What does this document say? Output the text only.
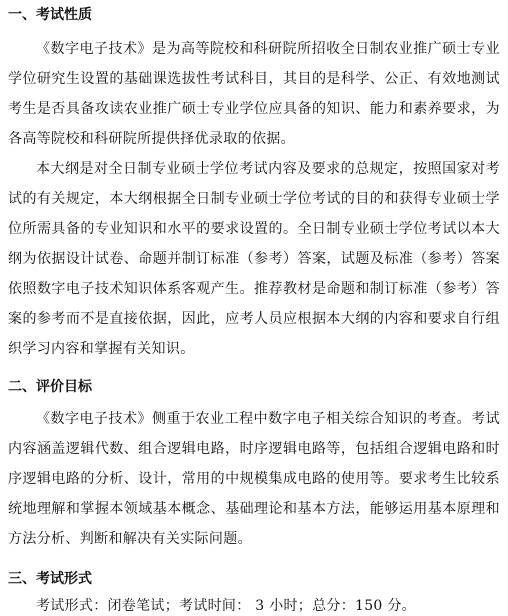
一、考试性质

《数字电子技术》是为高等院校和科研院所招收全日制农业推广硕士专业学位研究生设置的基础课选拔性考试科目，其目的是科学、公正、有效地测试考生是否具备攻读农业推广硕士专业学位应具备的知识、能力和素养要求，为各高等院校和科研院所提供择优录取的依据。

本大纲是对全日制专业硕士学位考试内容及要求的总规定，按照国家对考试的有关规定，本大纲根据全日制专业硕士学位考试的目的和获得专业硕士学位所需具备的专业知识和水平的要求设置的。全日制专业硕士学位考试以本大纲为依据设计试卷、命题并制订标准（参考）答案，试题及标准（参考）答案依照数字电子技术知识体系客观产生。推荐教材是命题和制订标准（参考）答案的参考而不是直接依据，因此，应考人员应根据本大纲的内容和要求自行组织学习内容和掌握有关知识。

二、评价目标

《数字电子技术》侧重于农业工程中数字电子相关综合知识的考查。考试内容涵盖逻辑代数、组合逻辑电路，时序逻辑电路等，包括组合逻辑电路和时序逻辑电路的分析、设计，常用的中规模集成电路的使用等。要求考生比较系统地理解和掌握本领域基本概念、基础理论和基本方法，能够运用基本原理和方法分析、判断和解决有关实际问题。

三、考试形式
考试形式：闭卷笔试；考试时间： 3 小时；总分：150 分。
